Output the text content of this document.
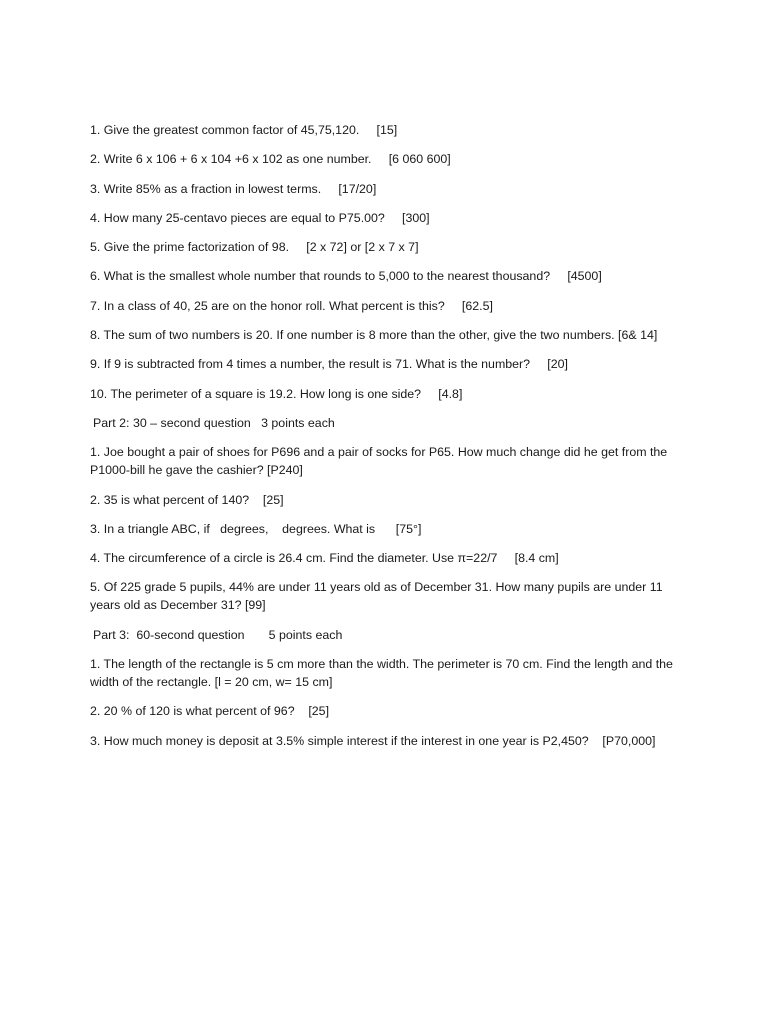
1. Give the greatest common factor of 45,75,120.     [15]
2. Write 6 x 106 + 6 x 104 +6 x 102 as one number.     [6 060 600]
3. Write 85% as a fraction in lowest terms.     [17/20]
4. How many 25-centavo pieces are equal to P75.00?     [300]
5. Give the prime factorization of 98.     [2 x 72] or [2 x 7 x 7]
6. What is the smallest whole number that rounds to 5,000 to the nearest thousand?     [4500]
7. In a class of 40, 25 are on the honor roll. What percent is this?     [62.5]
8. The sum of two numbers is 20. If one number is 8 more than the other, give the two numbers. [6& 14]
9. If 9 is subtracted from 4 times a number, the result is 71. What is the number?     [20]
10. The perimeter of a square is 19.2. How long is one side?     [4.8]
Part 2: 30 – second question   3 points each
1. Joe bought a pair of shoes for P696 and a pair of socks for P65. How much change did he get from the P1000-bill he gave the cashier? [P240]
2. 35 is what percent of 140?    [25]
3. In a triangle ABC, if   degrees,    degrees. What is      [75°]
4. The circumference of a circle is 26.4 cm. Find the diameter. Use π=22/7     [8.4 cm]
5. Of 225 grade 5 pupils, 44% are under 11 years old as of December 31. How many pupils are under 11 years old as December 31? [99]
Part 3:  60-second question       5 points each
1. The length of the rectangle is 5 cm more than the width. The perimeter is 70 cm. Find the length and the width of the rectangle. [l = 20 cm, w= 15 cm]
2. 20 % of 120 is what percent of 96?    [25]
3. How much money is deposit at 3.5% simple interest if the interest in one year is P2,450?    [P70,000]
